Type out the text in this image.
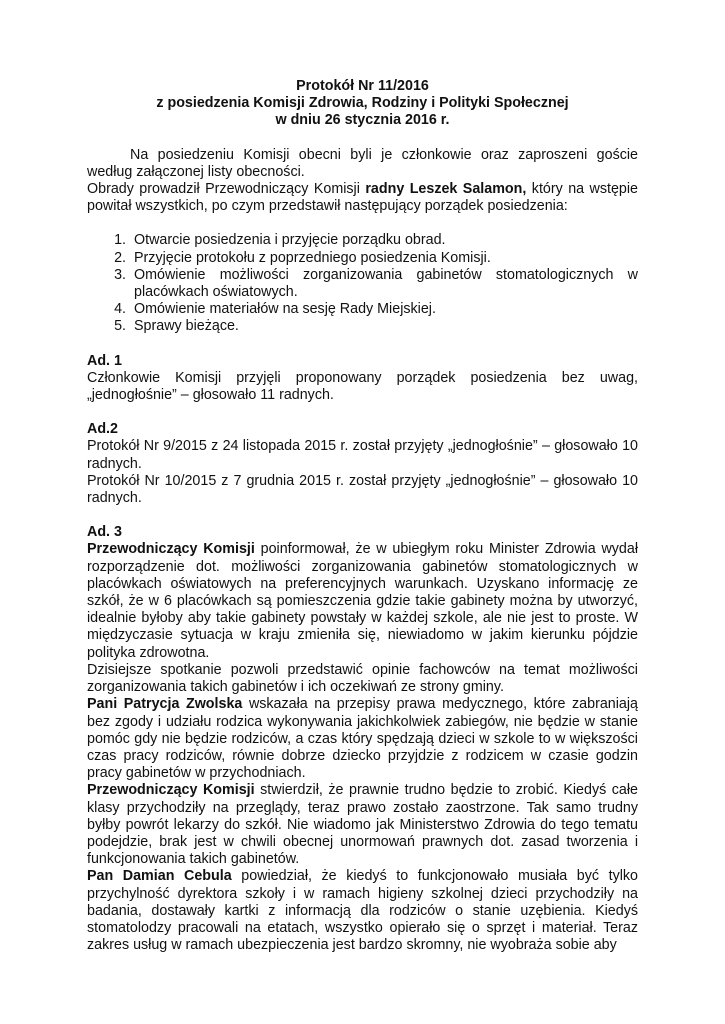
Protokół Nr 11/2016

z posiedzenia Komisji Zdrowia, Rodziny i Polityki Społecznej

w dniu 26 stycznia 2016 r.

Na posiedzeniu Komisji obecni byli je członkowie oraz zaproszeni goście według załączonej listy obecności.

Obrady prowadził Przewodniczący Komisji radny Leszek Salamon, który na wstępie powitał wszystkich, po czym przedstawił następujący porządek posiedzenia:

1. Otwarcie posiedzenia i przyjęcie porządku obrad.
2. Przyjęcie protokołu z poprzedniego posiedzenia Komisji.
3. Omówienie możliwości zorganizowania gabinetów stomatologicznych w placówkach oświatowych.
4. Omówienie materiałów na sesję Rady Miejskiej.
5. Sprawy bieżące.
Ad. 1

Członkowie Komisji przyjęli proponowany porządek posiedzenia bez uwag, „jednogłośnie” – głosowało 11 radnych.

Ad.2

Protokół Nr 9/2015 z 24 listopada 2015 r. został przyjęty „jednogłośnie” – głosowało 10 radnych.

Protokół Nr 10/2015 z 7 grudnia 2015 r. został przyjęty „jednogłośnie” – głosowało 10 radnych.

Ad. 3

Przewodniczący Komisji poinformował, że w ubiegłym roku Minister Zdrowia wydał rozporządzenie dot. możliwości zorganizowania gabinetów stomatologicznych w placówkach oświatowych na preferencyjnych warunkach. Uzyskano informację ze szkół, że w 6 placówkach są pomieszczenia gdzie takie gabinety można by utworzyć, idealnie byłoby aby takie gabinety powstały w każdej szkole, ale nie jest to proste. W międzyczasie sytuacja w kraju zmieniła się, niewiadomo w jakim kierunku pójdzie polityka zdrowotna.

Dzisiejsze spotkanie pozwoli przedstawić opinie fachowców na temat możliwości zorganizowania takich gabinetów i ich oczekiwań ze strony gminy.

Pani Patrycja Zwolska wskazała na przepisy prawa medycznego, które zabraniają bez zgody i udziału rodzica wykonywania jakichkolwiek zabiegów, nie będzie w stanie pomóc gdy nie będzie rodziców, a czas który spędzają dzieci w szkole to w większości czas pracy rodziców, równie dobrze dziecko przyjdzie z rodzicem w czasie godzin pracy gabinetów w przychodniach.

Przewodniczący Komisji stwierdził, że prawnie trudno będzie to zrobić. Kiedyś całe klasy przychodziły na przeglądy, teraz prawo zostało zaostrzone. Tak samo trudny byłby powrót lekarzy do szkół. Nie wiadomo jak Ministerstwo Zdrowia do tego tematu podejdzie, brak jest w chwili obecnej unormowań prawnych dot. zasad tworzenia i funkcjonowania takich gabinetów.

Pan Damian Cebula powiedział, że kiedyś to funkcjonowało musiała być tylko przychylność dyrektora szkoły i w ramach higieny szkolnej dzieci przychodziły na badania, dostawały kartki z informacją dla rodziców o stanie uzębienia. Kiedyś stomatolodzy pracowali na etatach, wszystko opierało się o sprzęt i materiał. Teraz zakres usług w ramach ubezpieczenia jest bardzo skromny, nie wyobraża sobie aby
